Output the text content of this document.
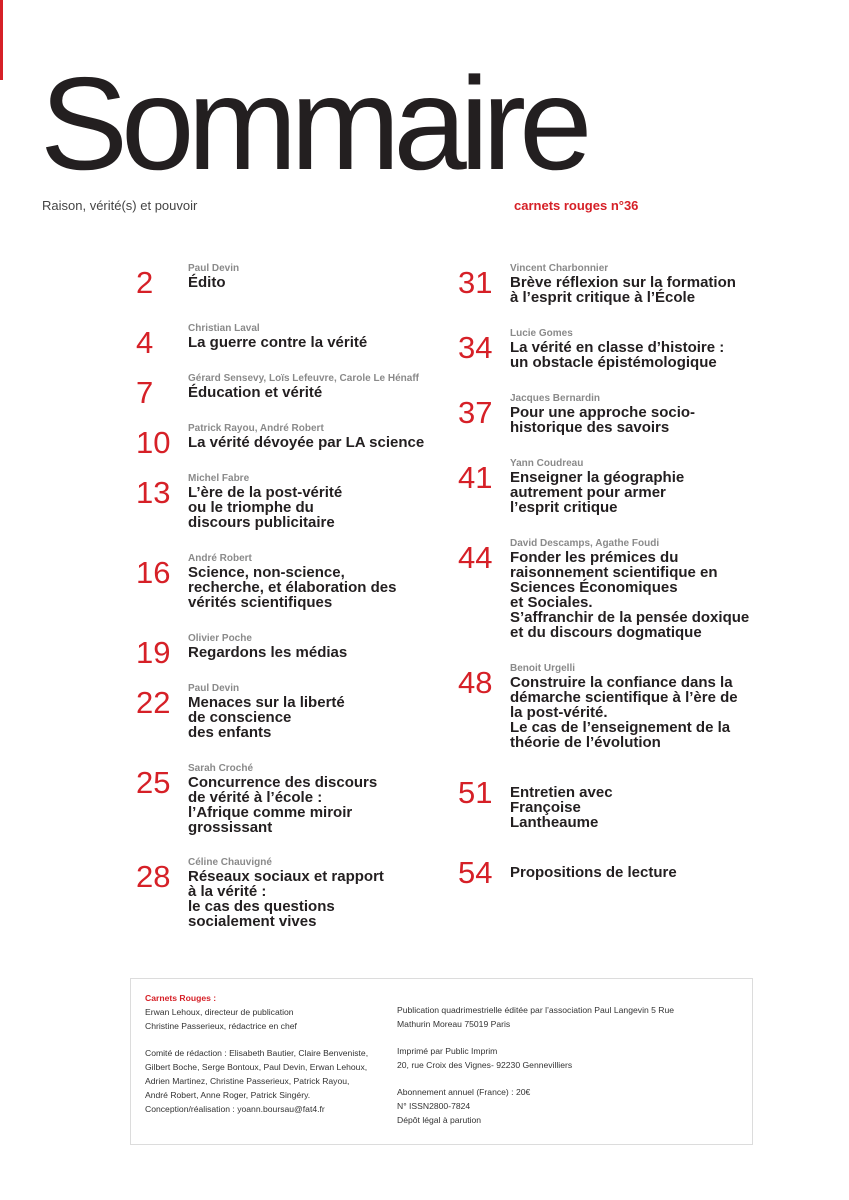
Sommaire
Raison, vérité(s) et pouvoir	carnets rouges n°36
2	Paul Devin
Édito
4	Christian Laval
La guerre contre la vérité
7	Gérard Sensevy, Loïs Lefeuvre, Carole Le Hénaff
Éducation et vérité
10	Patrick Rayou, André Robert
La vérité dévoyée par LA science
13	Michel Fabre
L’ère de la post-vérité
ou le triomphe du
discours publicitaire
16	André Robert
Science, non-science,
recherche, et élaboration des
vérités scientifiques
19	Olivier Poche
Regardons les médias
22	Paul Devin
Menaces sur la liberté
de conscience
des enfants
25	Sarah Croché
Concurrence des discours
de vérité à l’école :
l’Afrique comme miroir
grossissant
28	Céline Chauvigné
Réseaux sociaux et rapport
à la vérité :
le cas des questions
socialement vives
31	Vincent Charbonnier
Brève réflexion sur la formation
à l’esprit critique à l’École
34	Lucie Gomes
La vérité en classe d’histoire :
un obstacle épistémologique
37	Jacques Bernardin
Pour une approche socio-
historique des savoirs
41	Yann Coudreau
Enseigner la géographie
autrement pour armer
l’esprit critique
44	David Descamps, Agathe Foudi
Fonder les prémices du
raisonnement scientifique en
Sciences Économiques
et Sociales.
S’affranchir de la pensée doxique
et du discours dogmatique
48	Benoit Urgelli
Construire la confiance dans la
démarche scientifique à l’ère de
la post-vérité.
Le cas de l’enseignement de la
théorie de l’évolution
51	Entretien avec
Françoise
Lantheaume
54	Propositions de lecture
Carnets Rouges :
Erwan Lehoux, directeur de publication
Christine Passerieux, rédactrice en chef
Comité de rédaction : Elisabeth Bautier, Claire Benveniste,
Gilbert Boche, Serge Bontoux, Paul Devin, Erwan Lehoux,
Adrien Martinez, Christine Passerieux, Patrick Rayou,
André Robert, Anne Roger, Patrick Singéry.
Conception/réalisation : yoann.boursau@fat4.fr
Publication quadrimestrielle éditée par l’association Paul Langevin 5 Rue
Mathurin Moreau 75019 Paris
Imprimé par Public Imprim
20, rue Croix des Vignes- 92230 Gennevilliers
Abonnement annuel (France) : 20€
N° ISSN2800-7824
Dépôt légal à parution
